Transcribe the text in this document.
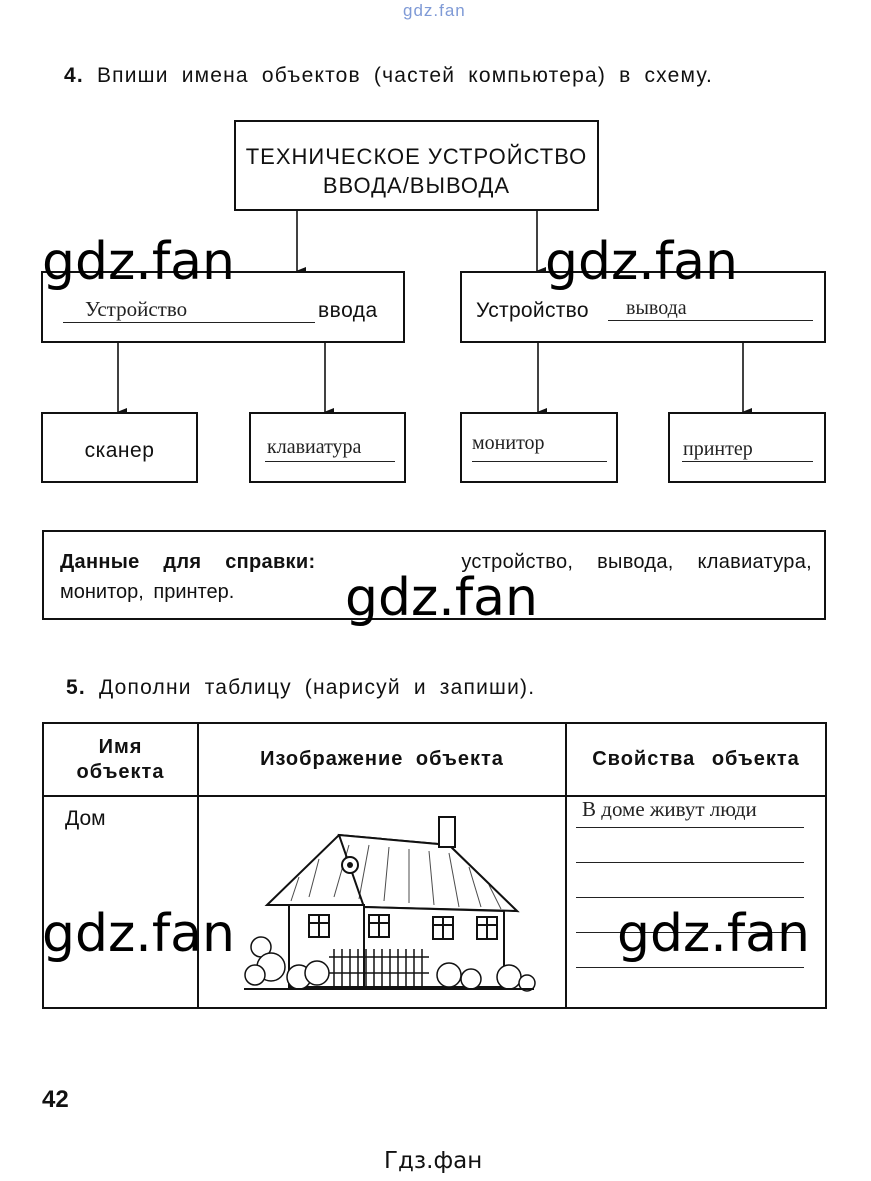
gdz.fan
4. Впиши имена объектов (частей компьютера) в схему.
ТЕХНИЧЕСКОЕ УСТРОЙСТВО
ВВОДА/ВЫВОДА
Устройство	ввода	Устройство вывода
сканер	клавиатура	монитор	принтер
Данные для справки:	устройство, вывода, клавиатура,
монитор, принтер.
5. Дополни таблицу (нарисуй и запиши).
Имя
объекта	Изображение объекта	Свойства объекта

Дом		В доме живут люди
gdz.fan	gdz.fan
gdz.fan
gdz.fan	gdz.fan
42
Гдз.фан
